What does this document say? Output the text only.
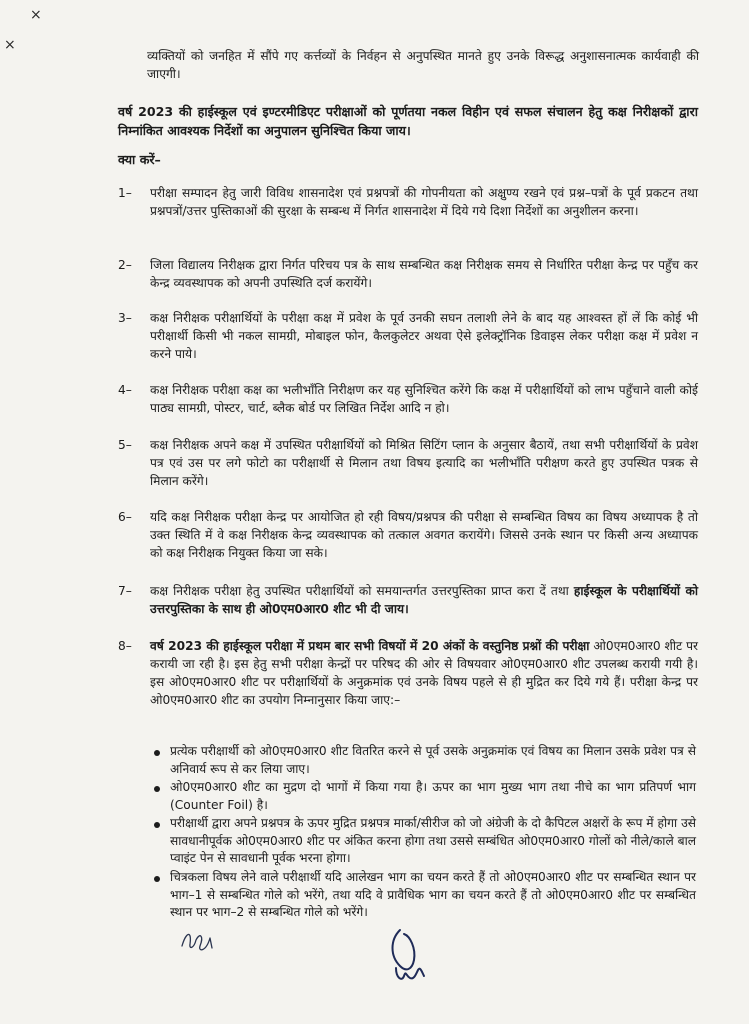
×
×
व्यक्तियों को जनहित में सौंपे गए कर्त्तव्यों के निर्वहन से अनुपस्थित मानते हुए उनके विरूद्ध अनुशासनात्मक कार्यवाही की जाएगी।
वर्ष 2023 की हाईस्कूल एवं इण्टरमीडिएट परीक्षाओं को पूर्णतया नकल विहीन एवं सफल संचालन हेतु कक्ष निरीक्षकों द्वारा निम्नांकित आवश्यक निर्देशों का अनुपालन सुनिश्चित किया जाय।
क्या करें–
1– परीक्षा सम्पादन हेतु जारी विविध शासनादेश एवं प्रश्नपत्रों की गोपनीयता को अक्षुण्य रखने एवं प्रश्न–पत्रों के पूर्व प्रकटन तथा प्रश्नपत्रों/उत्तर पुस्तिकाओं की सुरक्षा के सम्बन्ध में निर्गत शासनादेश में दिये गये दिशा निर्देशों का अनुशीलन करना।
2– जिला विद्यालय निरीक्षक द्वारा निर्गत परिचय पत्र के साथ सम्बन्धित कक्ष निरीक्षक समय से निर्धारित परीक्षा केन्द्र पर पहुँच कर केन्द्र व्यवस्थापक को अपनी उपस्थिति दर्ज करायेंगे।
3– कक्ष निरीक्षक परीक्षार्थियों के परीक्षा कक्ष में प्रवेश के पूर्व उनकी सघन तलाशी लेने के बाद यह आश्वस्त हों लें कि कोई भी परीक्षार्थी किसी भी नकल सामग्री, मोबाइल फोन, कैलकुलेटर अथवा ऐसे इलेक्ट्रॉनिक डिवाइस लेकर परीक्षा कक्ष में प्रवेश न करने पाये।
4– कक्ष निरीक्षक परीक्षा कक्ष का भलीभाँति निरीक्षण कर यह सुनिश्चित करेंगे कि कक्ष में परीक्षार्थियों को लाभ पहुँचाने वाली कोई पाठ्य सामग्री, पोस्टर, चार्ट, ब्लैक बोर्ड पर लिखित निर्देश आदि न हो।
5– कक्ष निरीक्षक अपने कक्ष में उपस्थित परीक्षार्थियों को मिश्रित सिटिंग प्लान के अनुसार बैठायें, तथा सभी परीक्षार्थियों के प्रवेश पत्र एवं उस पर लगे फोटो का परीक्षार्थी से मिलान तथा विषय इत्यादि का भलीभाँति परीक्षण करते हुए उपस्थित पत्रक से मिलान करेंगे।
6– यदि कक्ष निरीक्षक परीक्षा केन्द्र पर आयोजित हो रही विषय/प्रश्नपत्र की परीक्षा से सम्बन्धित विषय का विषय अध्यापक है तो उक्त स्थिति में वे कक्ष निरीक्षक केन्द्र व्यवस्थापक को तत्काल अवगत करायेंगे। जिससे उनके स्थान पर किसी अन्य अध्यापक को कक्ष निरीक्षक नियुक्त किया जा सके।
7– कक्ष निरीक्षक परीक्षा हेतु उपस्थित परीक्षार्थियों को समयान्तर्गत उत्तरपुस्तिका प्राप्त करा दें तथा हाईस्कूल के परीक्षार्थियों को उत्तरपुस्तिका के साथ ही ओ0एम0आर0 शीट भी दी जाय।
8– वर्ष 2023 की हाईस्कूल परीक्षा में प्रथम बार सभी विषयों में 20 अंकों के वस्तुनिष्ठ प्रश्नों की परीक्षा ओ0एम0आर0 शीट पर करायी जा रही है। इस हेतु सभी परीक्षा केन्द्रों पर परिषद की ओर से विषयवार ओ0एम0आर0 शीट उपलब्ध करायी गयी है। इस ओ0एम0आर0 शीट पर परीक्षार्थियों के अनुक्रमांक एवं उनके विषय पहले से ही मुद्रित कर दिये गये हैं। परीक्षा केन्द्र पर ओ0एम0आर0 शीट का उपयोग निम्नानुसार किया जाए:–
प्रत्येक परीक्षार्थी को ओ0एम0आर0 शीट वितरित करने से पूर्व उसके अनुक्रमांक एवं विषय का मिलान उसके प्रवेश पत्र से अनिवार्य रूप से कर लिया जाए।
ओ0एम0आर0 शीट का मुद्रण दो भागों में किया गया है। ऊपर का भाग मुख्य भाग तथा नीचे का भाग प्रतिपर्ण भाग (Counter Foil) है।
परीक्षार्थी द्वारा अपने प्रश्नपत्र के ऊपर मुद्रित प्रश्नपत्र मार्का/सीरीज को जो अंग्रेजी के दो कैपिटल अक्षरों के रूप में होगा उसे सावधानीपूर्वक ओ0एम0आर0 शीट पर अंकित करना होगा तथा उससे सम्बंधित ओ0एम0आर0 गोलों को नीले/काले बाल प्वाइंट पेन से सावधानी पूर्वक भरना होगा।
चित्रकला विषय लेने वाले परीक्षार्थी यदि आलेखन भाग का चयन करते हैं तो ओ0एम0आर0 शीट पर सम्बन्धित स्थान पर भाग–1 से सम्बन्धित गोले को भरेंगे, तथा यदि वे प्रावैधिक भाग का चयन करते हैं तो ओ0एम0आर0 शीट पर सम्बन्धित स्थान पर भाग–2 से सम्बन्धित गोले को भरेंगे।
